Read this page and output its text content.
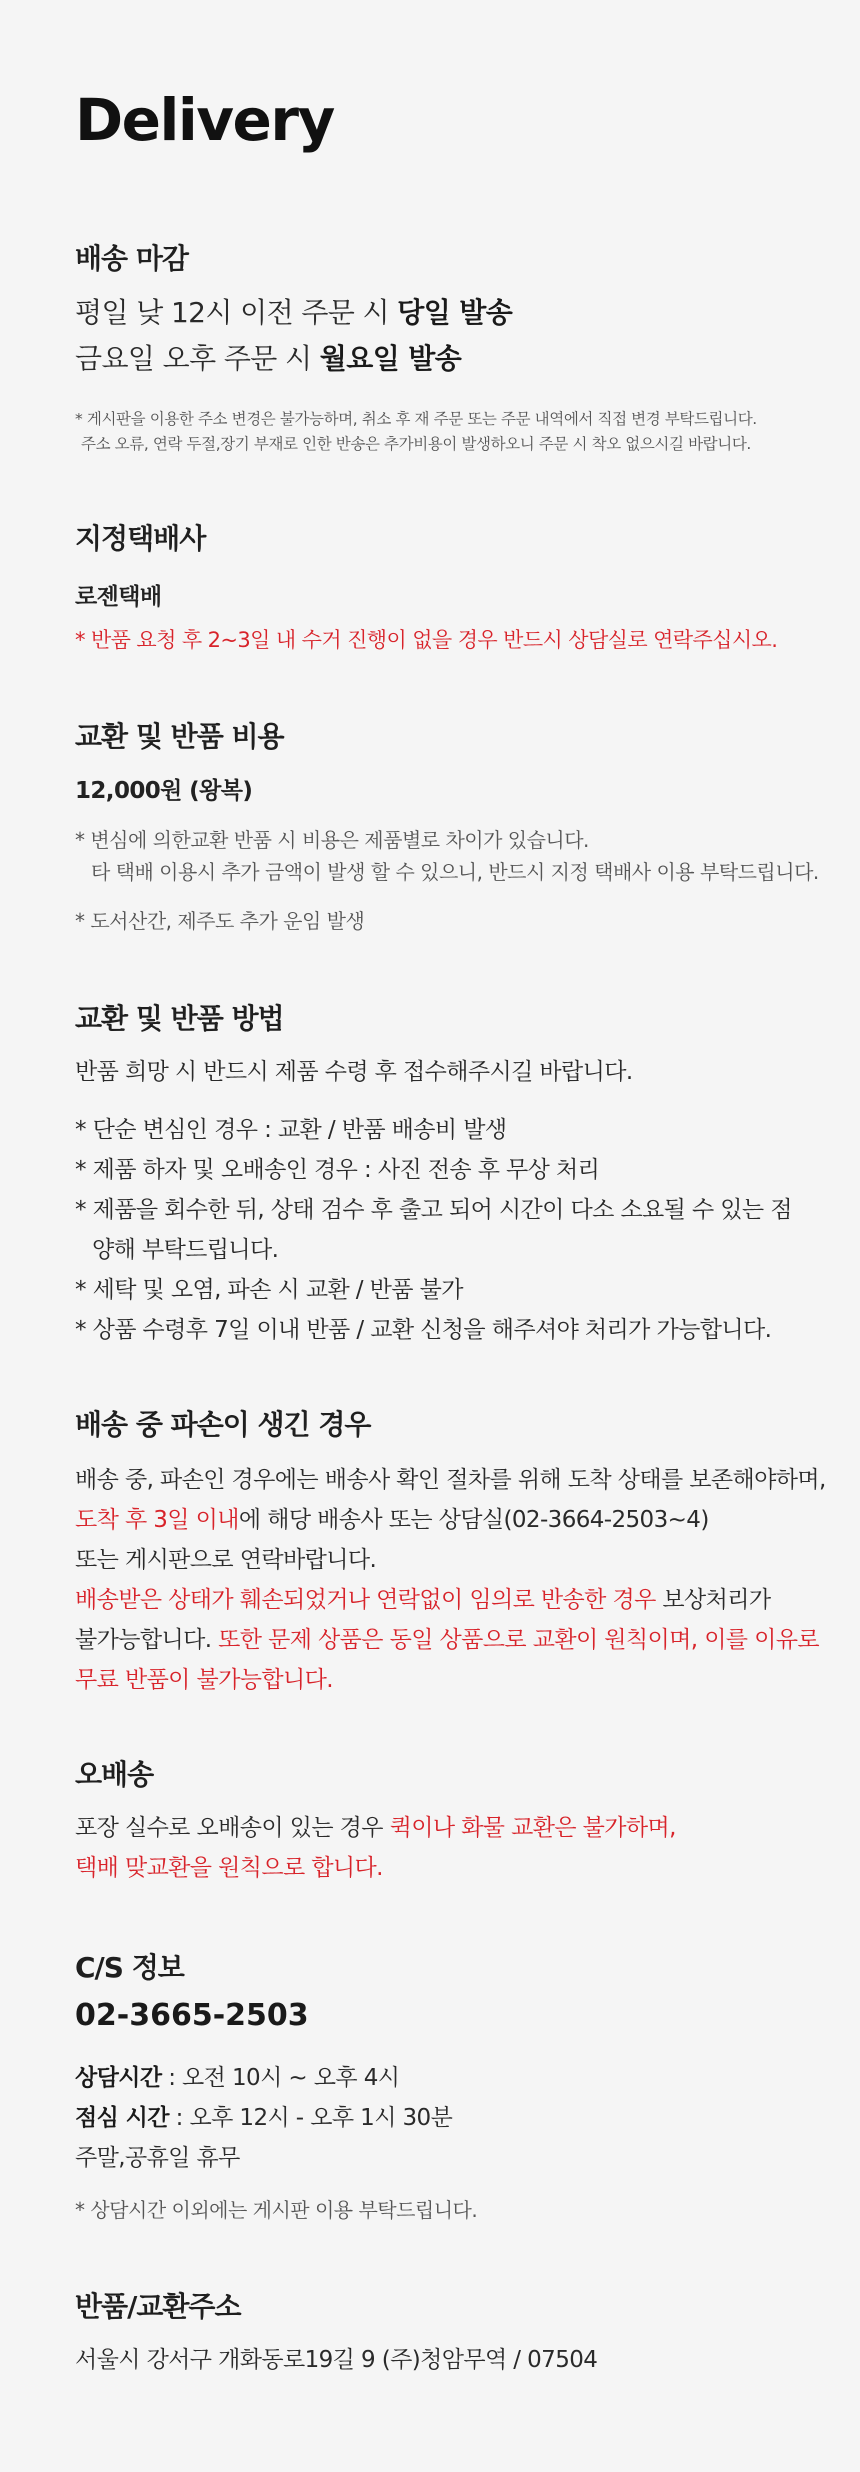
Delivery
배송 마감

평일 낮 12시 이전 주문 시 당일 발송

금요일 오후 주문 시 월요일 발송

* 게시판을 이용한 주소 변경은 불가능하며, 취소 후 재 주문 또는 주문 내역에서 직접 변경 부탁드립니다.

주소 오류, 연락 두절,장기 부재로 인한 반송은 추가비용이 발생하오니 주문 시 착오 없으시길 바랍니다.

지정택배사

로젠택배

* 반품 요청 후 2~3일 내 수거 진행이 없을 경우 반드시 상담실로 연락주십시오.

교환 및 반품 비용

12,000원 (왕복)

* 변심에 의한교환 반품 시 비용은 제품별로 차이가 있습니다.

타 택배 이용시 추가 금액이 발생 할 수 있으니, 반드시 지정 택배사 이용 부탁드립니다.

* 도서산간, 제주도 추가 운임 발생

교환 및 반품 방법

반품 희망 시 반드시 제품 수령 후 접수해주시길 바랍니다.

* 단순 변심인 경우 : 교환 / 반품 배송비 발생

* 제품 하자 및 오배송인 경우 : 사진 전송 후 무상 처리

* 제품을 회수한 뒤, 상태 검수 후 출고 되어 시간이 다소 소요될 수 있는 점

양해 부탁드립니다.

* 세탁 및 오염, 파손 시 교환 / 반품 불가

* 상품 수령후 7일 이내 반품 / 교환 신청을 해주셔야 처리가 가능합니다.

배송 중 파손이 생긴 경우

배송 중, 파손인 경우에는 배송사 확인 절차를 위해 도착 상태를 보존해야하며,

도착 후 3일 이내에 해당 배송사 또는 상담실(02-3664-2503~4)

또는 게시판으로 연락바랍니다.

배송받은 상태가 훼손되었거나 연락없이 임의로 반송한 경우 보상처리가

불가능합니다. 또한 문제 상품은 동일 상품으로 교환이 원칙이며, 이를 이유로

무료 반품이 불가능합니다.

오배송

포장 실수로 오배송이 있는 경우 퀵이나 화물 교환은 불가하며,

택배 맞교환을 원칙으로 합니다.

C/S 정보

02-3665-2503

상담시간 : 오전 10시 ~ 오후 4시

점심 시간 : 오후 12시 - 오후 1시 30분

주말,공휴일 휴무

* 상담시간 이외에는 게시판 이용 부탁드립니다.

반품/교환주소

서울시 강서구 개화동로19길 9 (주)청암무역 / 07504
